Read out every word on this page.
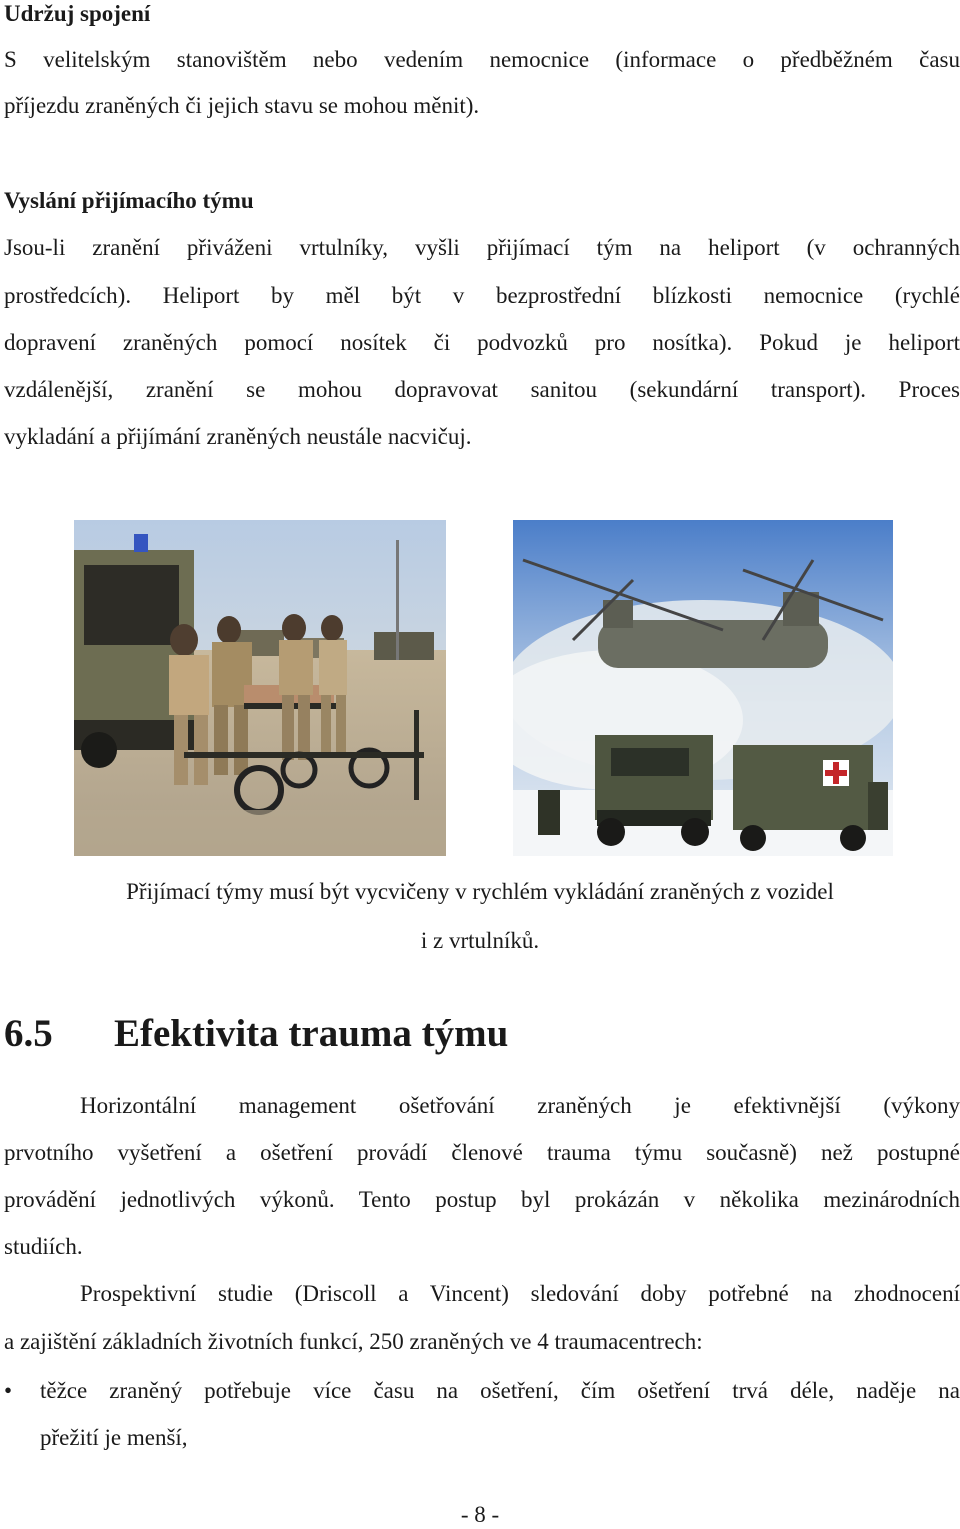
Udržuj spojení
S velitelským stanovištěm nebo vedením nemocnice (informace o předběžném času
příjezdu zraněných či jejich stavu se mohou měnit).
Vyslání přijímacího týmu
Jsou-li zranění přiváženi vrtulníky, vyšli přijímací tým na heliport (v ochranných
prostředcích). Heliport by měl být v bezprostřední blízkosti nemocnice (rychlé
dopravení zraněných pomocí nosítek či podvozků pro nosítka). Pokud je heliport
vzdálenější, zranění se mohou dopravovat sanitou (sekundární transport). Proces
vykladání a přijímání zraněných neustále nacvičuj.
Přijímací týmy musí být vycvičeny v rychlém vykládání zraněných z vozidel
i z vrtulníků.
6.5 Efektivita trauma týmu
Horizontální management ošetřování zraněných je efektivnější (výkony
prvotního vyšetření a ošetření provádí členové trauma týmu současně) než postupné
provádění jednotlivých výkonů. Tento postup byl prokázán v několika mezinárodních
studiích.
Prospektivní studie (Driscoll a Vincent) sledování doby potřebné na zhodnocení
a zajištění základních životních funkcí, 250 zraněných ve 4 traumacentrech:
• těžce zraněný potřebuje více času na ošetření, čím ošetření trvá déle, naděje na
přežití je menší,
- 8 -
